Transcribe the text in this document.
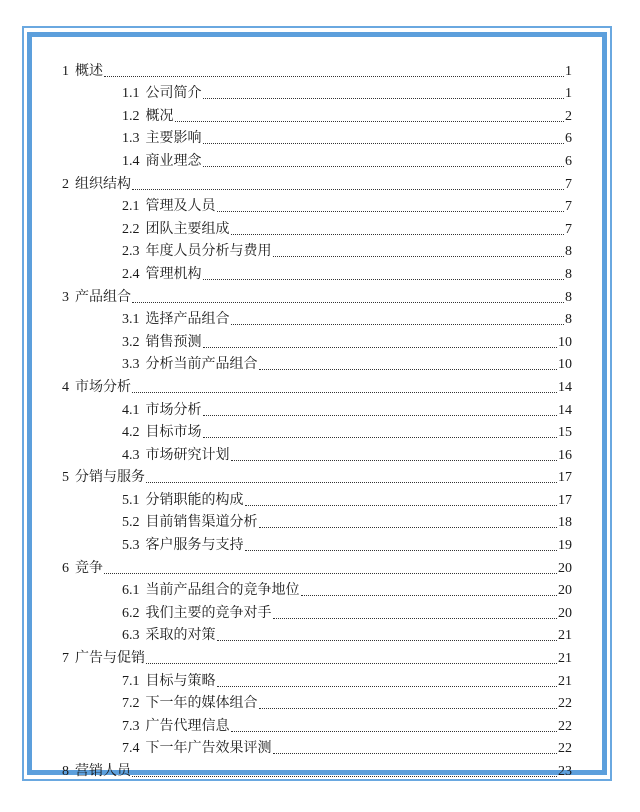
1 概述	1
1.1 公司简介	1
1.2 概况	2
1.3 主要影响	6
1.4 商业理念	6
2 组织结构	7
2.1 管理及人员	7
2.2 团队主要组成	7
2.3 年度人员分析与费用	8
2.4 管理机构	8
3 产品组合	8
3.1 选择产品组合	8
3.2 销售预测	10
3.3 分析当前产品组合	10
4 市场分析	14
4.1 市场分析	14
4.2 目标市场	15
4.3 市场研究计划	16
5 分销与服务	17
5.1 分销职能的构成	17
5.2 目前销售渠道分析	18
5.3 客户服务与支持	19
6 竞争	20
6.1 当前产品组合的竞争地位	20
6.2 我们主要的竞争对手	20
6.3 采取的对策	21
7 广告与促销	21
7.1 目标与策略	21
7.2 下一年的媒体组合	22
7.3 广告代理信息	22
7.4 下一年广告效果评测	22
8 营销人员	23
